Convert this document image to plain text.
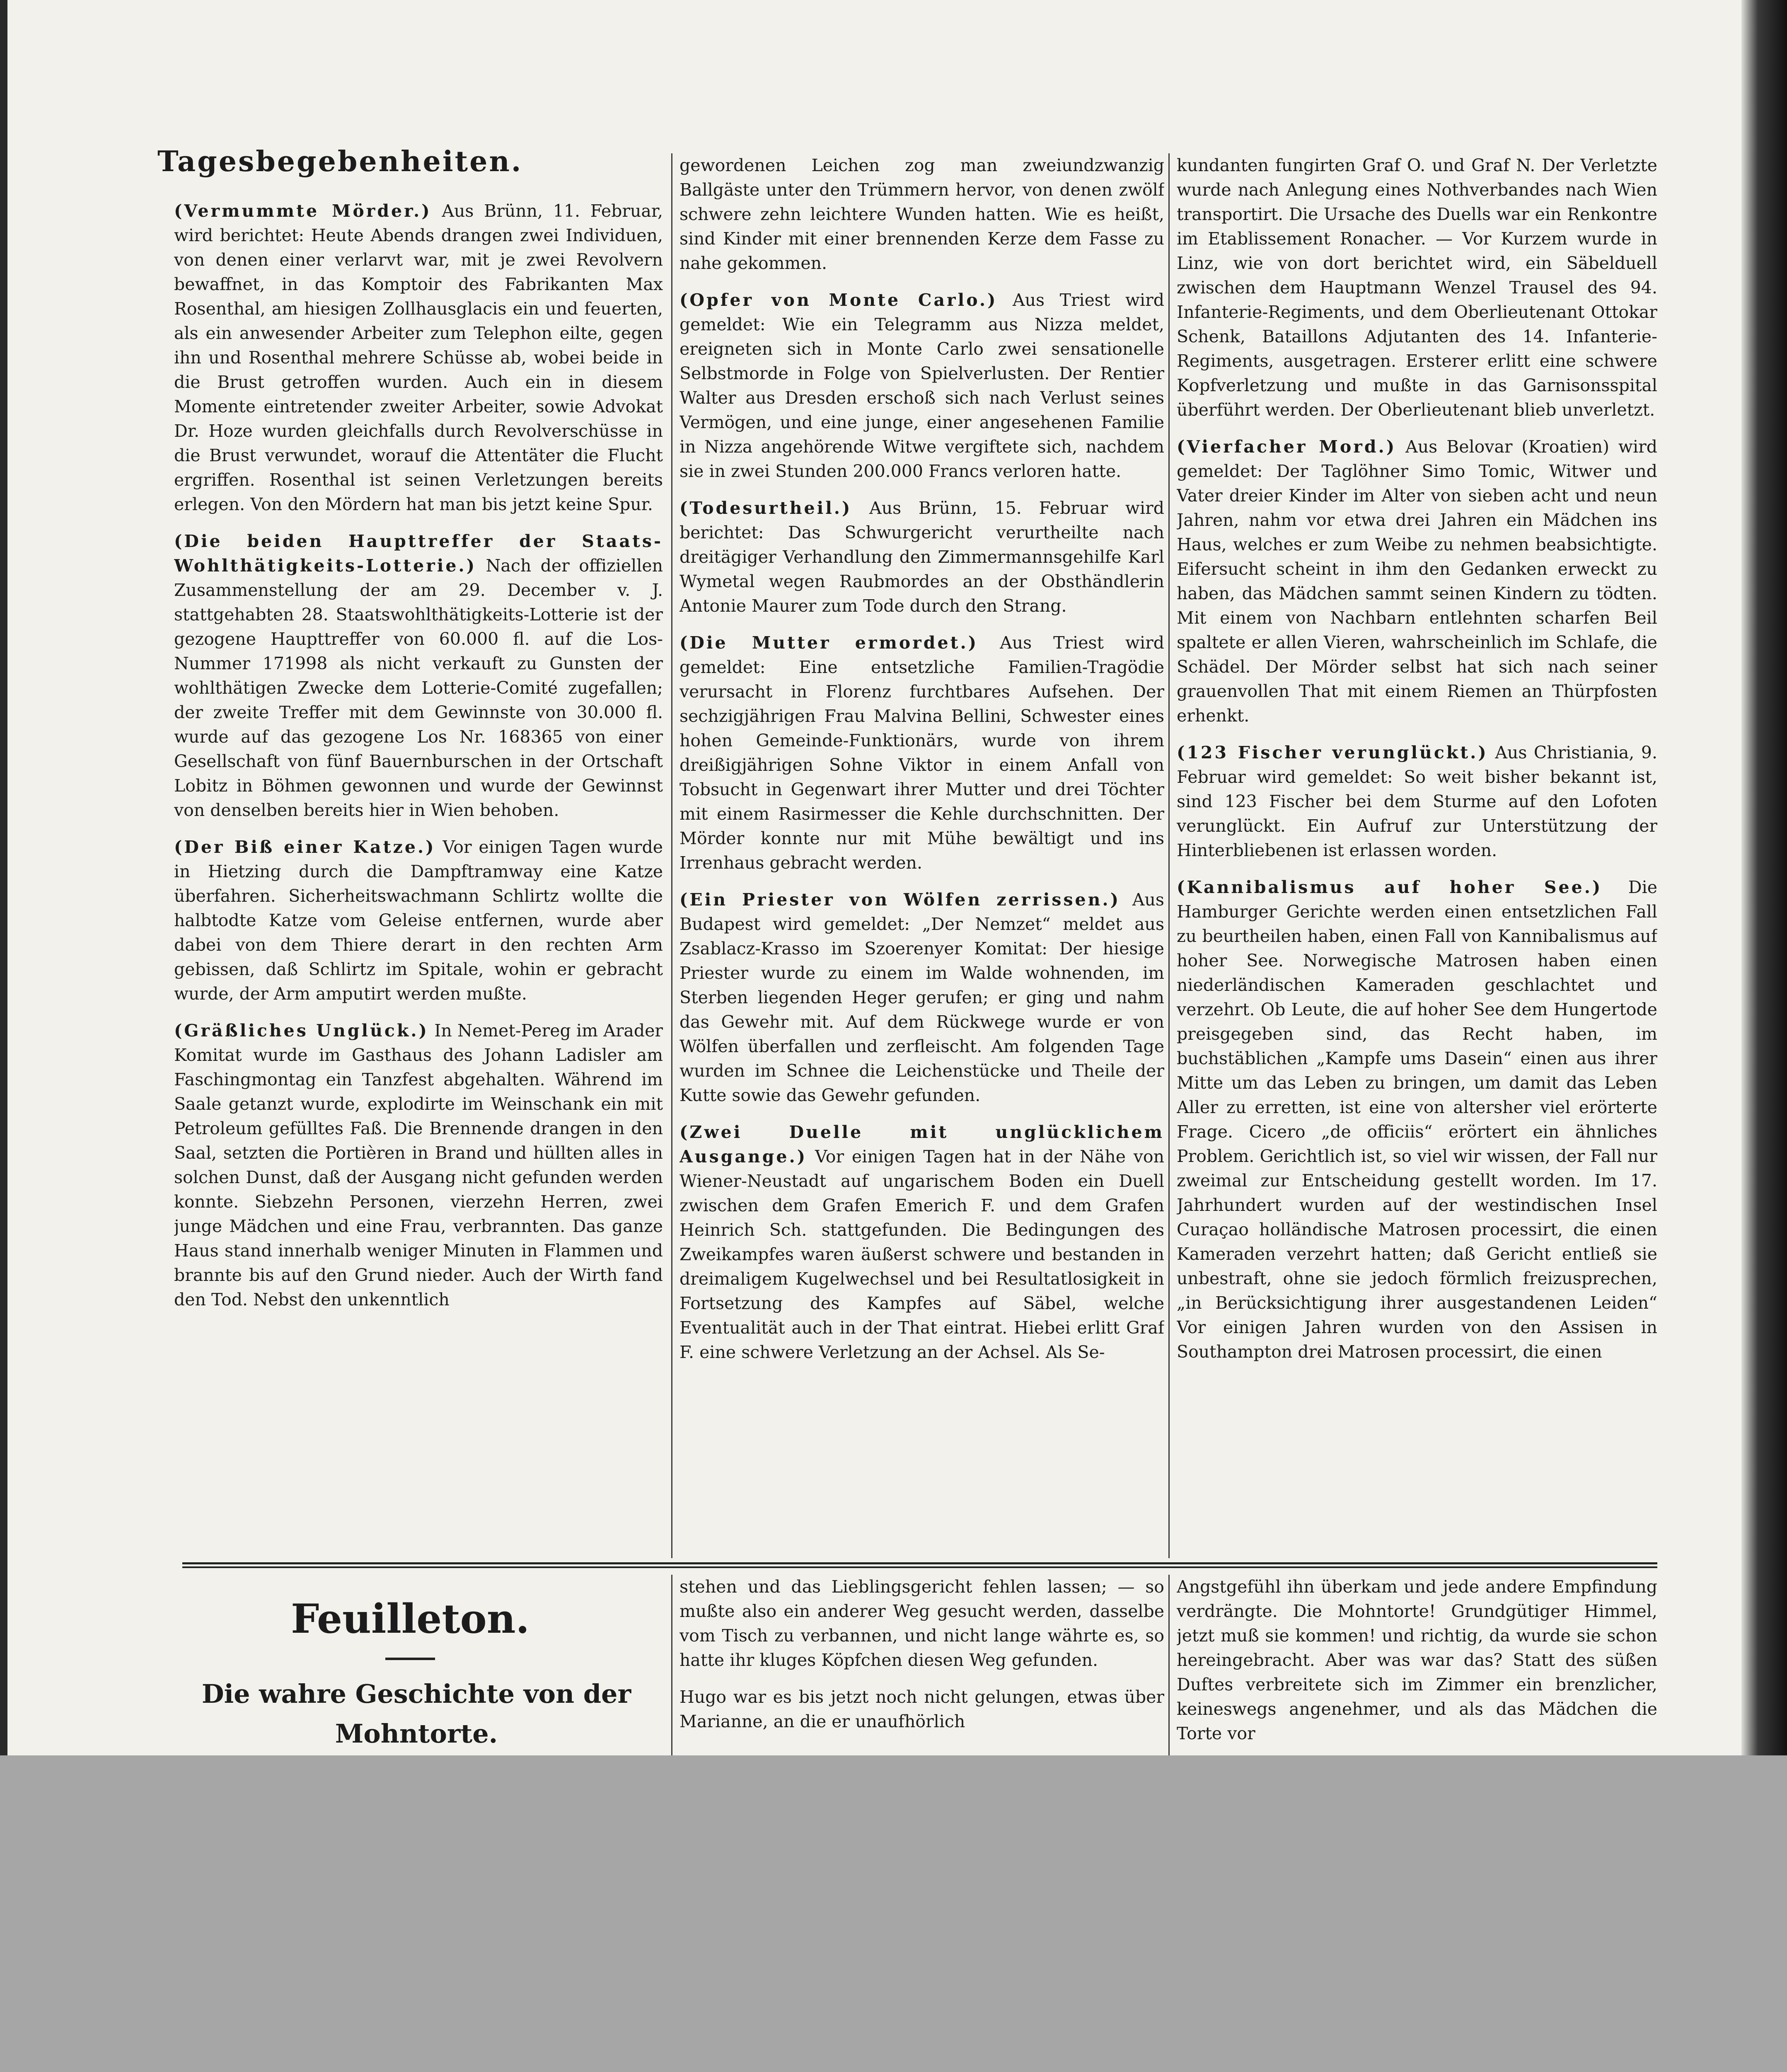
Tagesbegebenheiten.

(Vermummte Mörder.) Aus Brünn, 11. Februar, wird berichtet: Heute Abends drangen zwei Individuen, von denen einer verlarvt war, mit je zwei Revolvern bewaffnet, in das Komptoir des Fabrikanten Max Rosenthal, am hiesigen Zollhausglacis ein und feuerten, als ein anwesender Arbeiter zum Telephon eilte, gegen ihn und Rosenthal mehrere Schüsse ab, wobei beide in die Brust getroffen wurden. Auch ein in diesem Momente eintretender zweiter Arbeiter, sowie Advokat Dr. Hoze wurden gleichfalls durch Revolverschüsse in die Brust verwundet, worauf die Attentäter die Flucht ergriffen. Rosenthal ist seinen Verletzungen bereits erlegen. Von den Mördern hat man bis jetzt keine Spur.

(Die beiden Haupttreffer der Staats-Wohlthätigkeits-Lotterie.) Nach der offiziellen Zusammenstellung der am 29. December v. J. stattgehabten 28. Staatswohlthätigkeits-Lotterie ist der gezogene Haupttreffer von 60.000 fl. auf die Los-Nummer 171998 als nicht verkauft zu Gunsten der wohlthätigen Zwecke dem Lotterie-Comité zugefallen; der zweite Treffer mit dem Gewinnste von 30.000 fl. wurde auf das gezogene Los Nr. 168365 von einer Gesellschaft von fünf Bauernburschen in der Ortschaft Lobitz in Böhmen gewonnen und wurde der Gewinnst von denselben bereits hier in Wien behoben.

(Der Biß einer Katze.) Vor einigen Tagen wurde in Hietzing durch die Dampftramway eine Katze überfahren. Sicherheitswachmann Schlirtz wollte die halbtodte Katze vom Geleise entfernen, wurde aber dabei von dem Thiere derart in den rechten Arm gebissen, daß Schlirtz im Spitale, wohin er gebracht wurde, der Arm amputirt werden mußte.

(Gräßliches Unglück.) In Nemet-Pereg im Arader Komitat wurde im Gasthaus des Johann Ladisler am Faschingmontag ein Tanzfest abgehalten. Während im Saale getanzt wurde, explodirte im Weinschank ein mit Petroleum gefülltes Faß. Die Brennende drangen in den Saal, setzten die Portièren in Brand und hüllten alles in solchen Dunst, daß der Ausgang nicht gefunden werden konnte. Siebzehn Personen, vierzehn Herren, zwei junge Mädchen und eine Frau, verbrannten. Das ganze Haus stand innerhalb weniger Minuten in Flammen und brannte bis auf den Grund nieder. Auch der Wirth fand den Tod. Nebst den unkenntlich

gewordenen Leichen zog man zweiundzwanzig Ballgäste unter den Trümmern hervor, von denen zwölf schwere zehn leichtere Wunden hatten. Wie es heißt, sind Kinder mit einer brennenden Kerze dem Fasse zu nahe gekommen.

(Opfer von Monte Carlo.) Aus Triest wird gemeldet: Wie ein Telegramm aus Nizza meldet, ereigneten sich in Monte Carlo zwei sensationelle Selbstmorde in Folge von Spielverlusten. Der Rentier Walter aus Dresden erschoß sich nach Verlust seines Vermögen, und eine junge, einer angesehenen Familie in Nizza angehörende Witwe vergiftete sich, nachdem sie in zwei Stunden 200.000 Francs verloren hatte.

(Todesurtheil.) Aus Brünn, 15. Februar wird berichtet: Das Schwurgericht verurtheilte nach dreitägiger Verhandlung den Zimmermannsgehilfe Karl Wymetal wegen Raubmordes an der Obsthändlerin Antonie Maurer zum Tode durch den Strang.

(Die Mutter ermordet.) Aus Triest wird gemeldet: Eine entsetzliche Familien-Tragödie verursacht in Florenz furchtbares Aufsehen. Der sechzigjährigen Frau Malvina Bellini, Schwester eines hohen Gemeinde-Funktionärs, wurde von ihrem dreißigjährigen Sohne Viktor in einem Anfall von Tobsucht in Gegenwart ihrer Mutter und drei Töchter mit einem Rasirmesser die Kehle durchschnitten. Der Mörder konnte nur mit Mühe bewältigt und ins Irrenhaus gebracht werden.

(Ein Priester von Wölfen zerrissen.) Aus Budapest wird gemeldet: „Der Nemzet“ meldet aus Zsablacz-Krasso im Szoerenyer Komitat: Der hiesige Priester wurde zu einem im Walde wohnenden, im Sterben liegenden Heger gerufen; er ging und nahm das Gewehr mit. Auf dem Rückwege wurde er von Wölfen überfallen und zerfleischt. Am folgenden Tage wurden im Schnee die Leichenstücke und Theile der Kutte sowie das Gewehr gefunden.

(Zwei Duelle mit unglücklichem Ausgange.) Vor einigen Tagen hat in der Nähe von Wiener-Neustadt auf ungarischem Boden ein Duell zwischen dem Grafen Emerich F. und dem Grafen Heinrich Sch. stattgefunden. Die Bedingungen des Zweikampfes waren äußerst schwere und bestanden in dreimaligem Kugelwechsel und bei Resultatlosigkeit in Fortsetzung des Kampfes auf Säbel, welche Eventualität auch in der That eintrat. Hiebei erlitt Graf F. eine schwere Verletzung an der Achsel. Als Se-

kundanten fungirten Graf O. und Graf N. Der Verletzte wurde nach Anlegung eines Nothverbandes nach Wien transportirt. Die Ursache des Duells war ein Renkontre im Etablissement Ronacher. — Vor Kurzem wurde in Linz, wie von dort berichtet wird, ein Säbelduell zwischen dem Hauptmann Wenzel Trausel des 94. Infanterie-Regiments, und dem Oberlieutenant Ottokar Schenk, Bataillons Adjutanten des 14. Infanterie-Regiments, ausgetragen. Ersterer erlitt eine schwere Kopfverletzung und mußte in das Garnisonsspital überführt werden. Der Oberlieutenant blieb unverletzt.

(Vierfacher Mord.) Aus Belovar (Kroatien) wird gemeldet: Der Taglöhner Simo Tomic, Witwer und Vater dreier Kinder im Alter von sieben acht und neun Jahren, nahm vor etwa drei Jahren ein Mädchen ins Haus, welches er zum Weibe zu nehmen beabsichtigte. Eifersucht scheint in ihm den Gedanken erweckt zu haben, das Mädchen sammt seinen Kindern zu tödten. Mit einem von Nachbarn entlehnten scharfen Beil spaltete er allen Vieren, wahrscheinlich im Schlafe, die Schädel. Der Mörder selbst hat sich nach seiner grauenvollen That mit einem Riemen an Thürpfosten erhenkt.

(123 Fischer verunglückt.) Aus Christiania, 9. Februar wird gemeldet: So weit bisher bekannt ist, sind 123 Fischer bei dem Sturme auf den Lofoten verunglückt. Ein Aufruf zur Unterstützung der Hinterbliebenen ist erlassen worden.

(Kannibalismus auf hoher See.) Die Hamburger Gerichte werden einen entsetzlichen Fall zu beurtheilen haben, einen Fall von Kannibalismus auf hoher See. Norwegische Matrosen haben einen niederländischen Kameraden geschlachtet und verzehrt. Ob Leute, die auf hoher See dem Hungertode preisgegeben sind, das Recht haben, im buchstäblichen „Kampfe ums Dasein“ einen aus ihrer Mitte um das Leben zu bringen, um damit das Leben Aller zu erretten, ist eine von altersher viel erörterte Frage. Cicero „de officiis“ erörtert ein ähnliches Problem. Gerichtlich ist, so viel wir wissen, der Fall nur zweimal zur Entscheidung gestellt worden. Im 17. Jahrhundert wurden auf der westindischen Insel Curaçao holländische Matrosen processirt, die einen Kameraden verzehrt hatten; daß Gericht entließ sie unbestraft, ohne sie jedoch förmlich freizusprechen, „in Berücksichtigung ihrer ausgestandenen Leiden“ Vor einigen Jahren wurden von den Assisen in Southampton drei Matrosen processirt, die einen

Feuilleton.
Die wahre Geschichte von der Mohntorte.

stehen und das Lieblingsgericht fehlen lassen; — so mußte also ein anderer Weg gesucht werden, dasselbe vom Tisch zu verbannen, und nicht lange währte es, so hatte ihr kluges Köpfchen diesen Weg gefunden.

Hugo war es bis jetzt noch nicht gelungen, etwas über Marianne, an die er unaufhörlich

Angstgefühl ihn überkam und jede andere Empfindung verdrängte. Die Mohntorte! Grundgütiger Himmel, jetzt muß sie kommen! und richtig, da wurde sie schon hereingebracht. Aber was war das? Statt des süßen Duftes verbreitete sich im Zimmer ein brenzlicher, keineswegs angenehmer, und als das Mädchen die Torte vor
